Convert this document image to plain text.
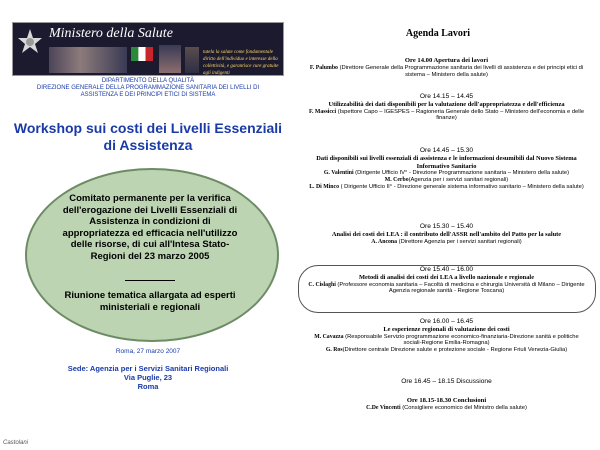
Ministero della Salute
tutela la salute come fondamentale diritto dell'individuo e interesse della collettività, e garantisce cure gratuite agli indigenti
DIPARTIMENTO DELLA QUALITÀ
DIREZIONE GENERALE DELLA PROGRAMMAZIONE SANITARIA DEI LIVELLI DI
ASSISTENZA E DEI PRINCIPI ETICI DI SISTEMA
Workshop sui costi dei Livelli Essenziali di Assistenza
Comitato permanente per la verifica dell'erogazione dei Livelli Essenziali di Assistenza in condizioni di appropriatezza ed efficacia nell'utilizzo delle risorse, di cui all'Intesa Stato-Regioni del 23 marzo 2005
Riunione tematica allargata ad esperti ministeriali e regionali
Roma, 27 marzo 2007
Sede: Agenzia per i Servizi Sanitari Regionali
Via Puglie, 23
Roma
Castolani
Agenda Lavori
Ore 14.00 Apertura dei lavori
F. Palumbo (Direttore Generale della Programmazione sanitaria dei livelli di assistenza e dei principi etici di sistema – Ministero della salute)
Ore 14.15 – 14.45
Utilizzabilità dei dati disponibili per la valutazione dell'appropriatezza e dell'efficienza
F. Massicci (Ispettore Capo – IGESPES – Ragioneria Generale dello Stato – Ministero dell'economia e delle finanze)
Ore 14.45 – 15.30
Dati disponibili sui livelli essenziali di assistenza e le informazioni desumibili dal Nuovo Sistema Informativo Sanitario
G. Valentini (Dirigente Ufficio IV° - Direzione Programmazione sanitaria – Ministero della salute)
M. Cerbo(Agenzia per i servizi sanitari regionali)
L. Di Minco ( Dirigente Ufficio II° - Direzione generale sistema informativo sanitario – Ministero della salute)
Ore 15.30 – 15.40
Analisi dei costi dei LEA : il contributo dell'ASSR nell'ambito del Patto per la salute
A. Ancona (Direttore Agenzia per i servizi sanitari regionali)
Ore 15.40 – 16.00
Metodi di analisi dei costi dei LEA a livello nazionale e regionale
C. Cislaghi (Professore economia sanitaria – Facoltà di medicina e chirurgia Università di Milano – Dirigente Agenzia regionale sanità - Regione Toscana)
Ore 16.00 – 16.45
Le esperienze regionali di valutazione dei costi
M. Cavazza (Responsabile Servizio programmazione economico-finanziaria-Direzione sanità e politiche sociali-Regione Emilia-Romagna)
G. Ros(Direttore centrale Direzione salute e protezione sociale - Regione Friuli Venezia-Giulia)
Ore 16.45 – 18.15 Discussione
Ore 18.15-18.30 Conclusioni
C.De Vincenti (Consigliere economico del Ministro della salute)
